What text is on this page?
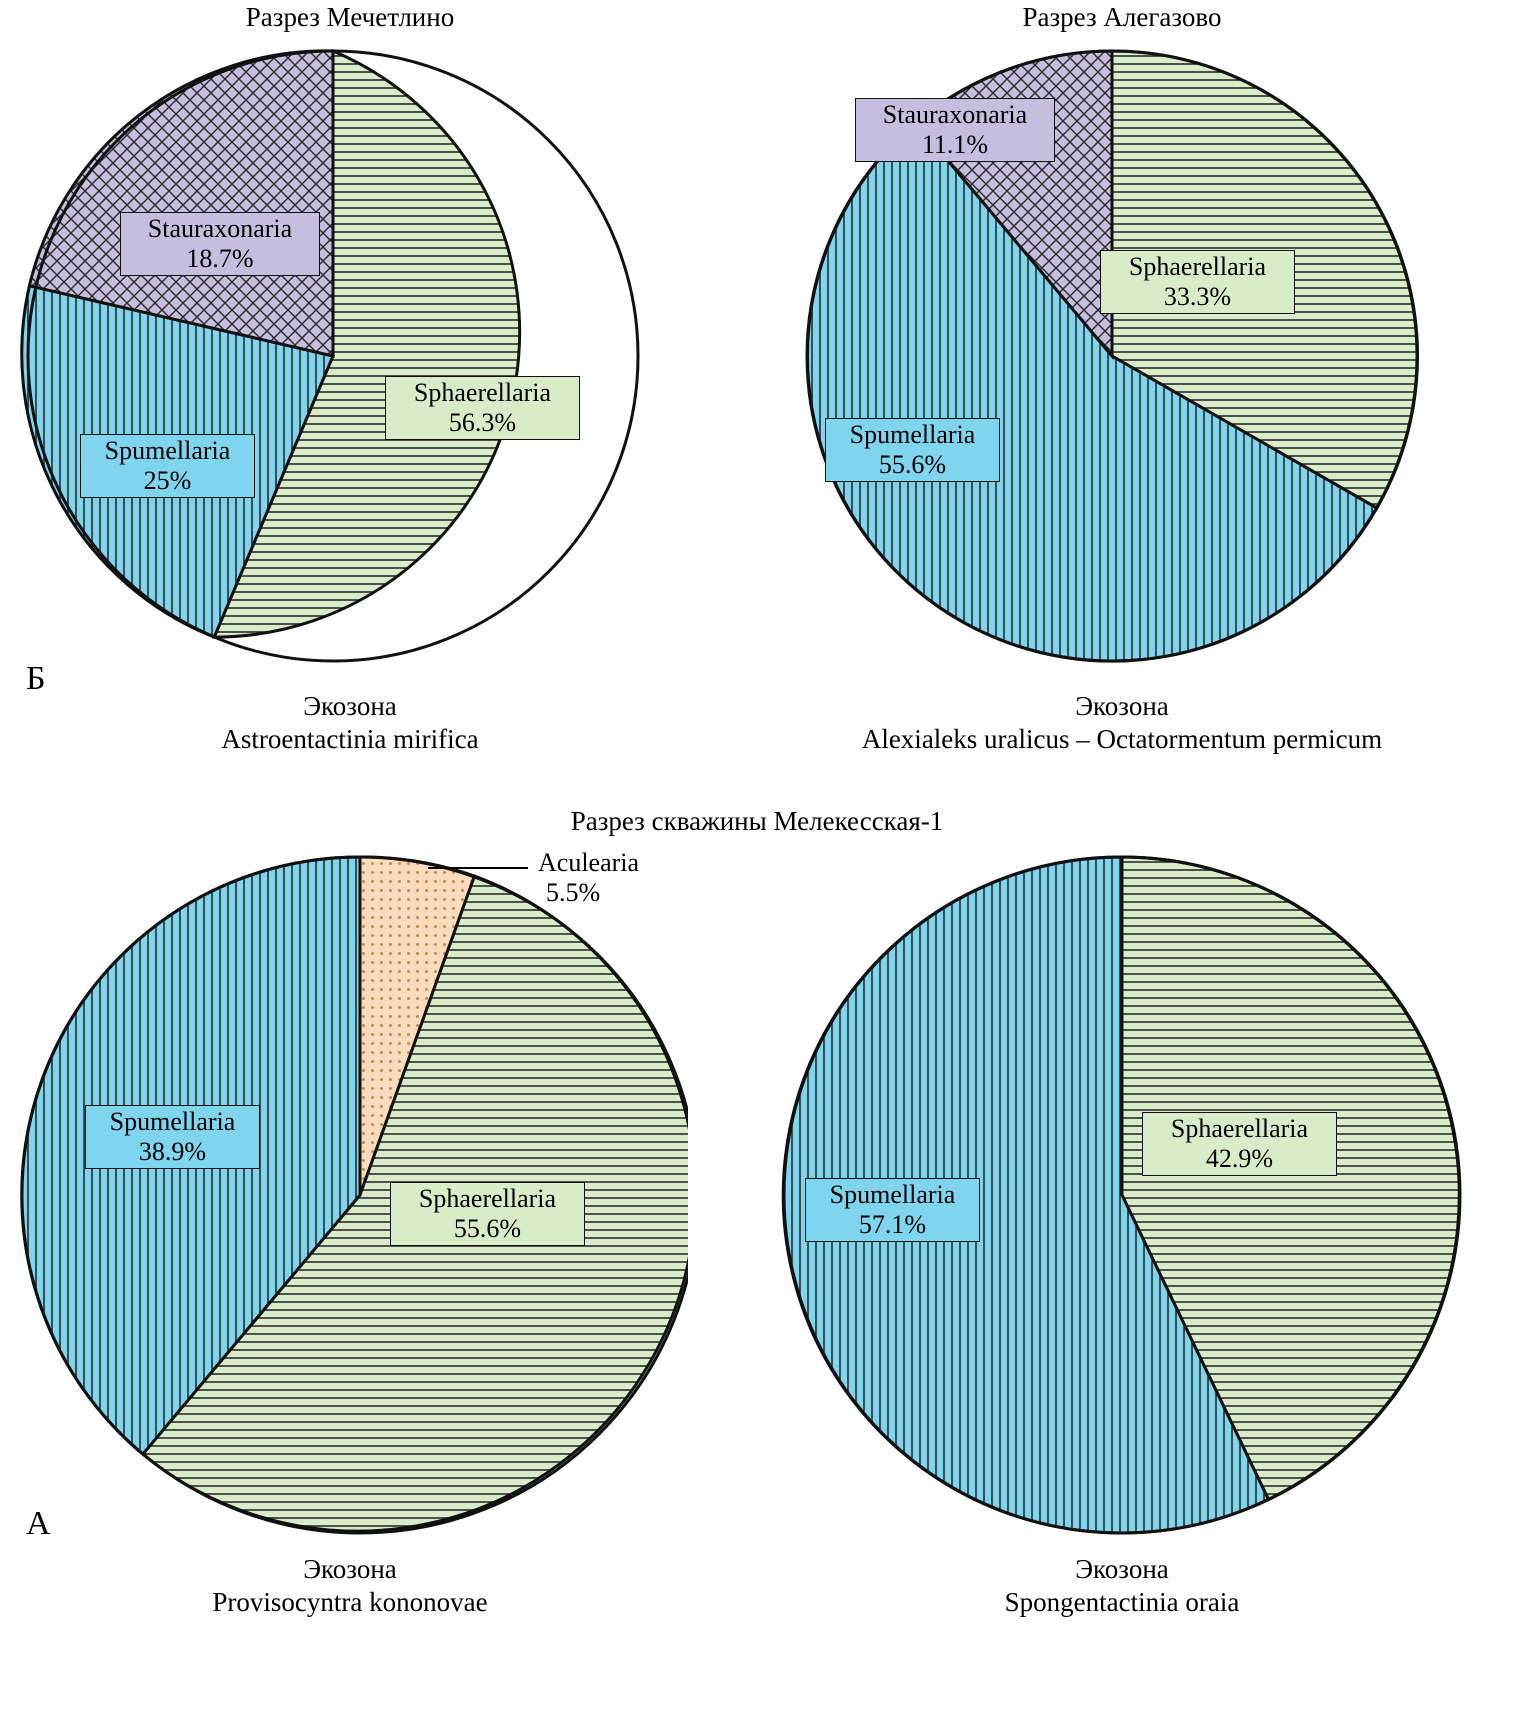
Б
А
Разрез Мечетлино
Stauraxonaria
18.7%
Sphaerellaria
56.3%
Spumellaria
25%
Экозона
Astroentactinia mirifica
Разрез Алегазово
Stauraxonaria
11.1%
Sphaerellaria
33.3%
Spumellaria
55.6%
Экозона
Alexialeks uralicus – Octatormentum permicum
Разрез скважины Мелекесская-1
Aculearia
5.5%
Spumellaria
38.9%
Sphaerellaria
55.6%
Экозона
Provisocyntra kononovae
Sphaerellaria
42.9%
Spumellaria
57.1%
Экозона
Spongentactinia oraia
